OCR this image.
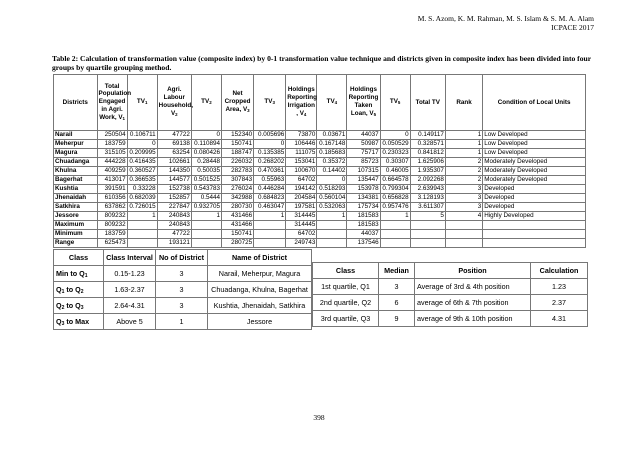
M. S. Azom, K. M. Rahman, M. S. Islam & S. M. A. Alam
ICPACE 2017
Table 2: Calculation of transformation value (composite index) by 0-1 transformation value technique and districts given in composite index has been divided into four groups by quartile grouping method.
Districts	Total Population Engaged in Agri. Work, $V_1$	$TV_1$	Agri. Labour Household, $V_2$	$TV_2$	Net Cropped Area, $V_3$	$TV_3$	Holdings Reporting Irrigation , $V_4$	$TV_4$	Holdings Reporting Taken Loan, $V_5$	$TV_5$	Total TV	Rank	Condition of Local Units
Narail	250504	0.106711	47722	0	152340	0.005696	73870	0.03671	44037	0	0.149117	1	Low Developed
Meherpur	183759	0	69138	0.110894	150741	0	106446	0.167148	50987	0.050529	0.328571	1	Low Developed
Magura	315105	0.209995	63254	0.080426	188747	0.135385	111075	0.185683	75717	0.230323	0.841812	1	Low Developed
Chuadanga	444228	0.416435	102661	0.28448	226032	0.268202	153041	0.35372	85723	0.30307	1.625906	2	Moderately Developed
Khulna	409259	0.360527	144350	0.50035	282783	0.470361	100670	0.14402	107315	0.46005	1.935307	2	Moderately Developed
Bagerhat	413017	0.366535	144577	0.501525	307843	0.55963	64702	0	135447	0.664578	2.092268	2	Moderately Developed
Kushtia	391591	0.33228	152738	0.543783	276024	0.446284	194142	0.518293	153978	0.799304	2.639943	3	Developed
Jhenaidah	610356	0.682039	152857	0.5444	342988	0.684823	204584	0.560104	134381	0.656828	3.128193	3	Developed
Satkhira	637862	0.726015	227847	0.932705	280730	0.463047	197581	0.532063	175734	0.957476	3.611307	3	Developed
Jessore	809232	1	240843	1	431466	1	314445	1	181583	1	5	4	Highly Developed
Maximum	809232		240843		431466		314445		181583				
Minimum	183759		47722		150741		64702		44037				
Range	625473		193121		280725		249743		137546				
Class	Class Interval	No of District	Name of District
Min to $Q_1$	0.15-1.23	3	Narail, Meherpur, Magura
$Q_1$ to $Q_2$	1.63-2.37	3	Chuadanga, Khulna, Bagerhat
$Q_2$ to $Q_3$	2.64-4.31	3	Kushtia, Jhenaidah, Satkhira
$Q_3$ to Max	Above 5	1	Jessore
Class	Median	Position	Calculation
1st quartile, Q1	3	Average of 3rd & 4th position	1.23
2nd quartile, Q2	6	average of 6th & 7th position	2.37
3rd quartile, Q3	9	average of 9th & 10th position	4.31
398
